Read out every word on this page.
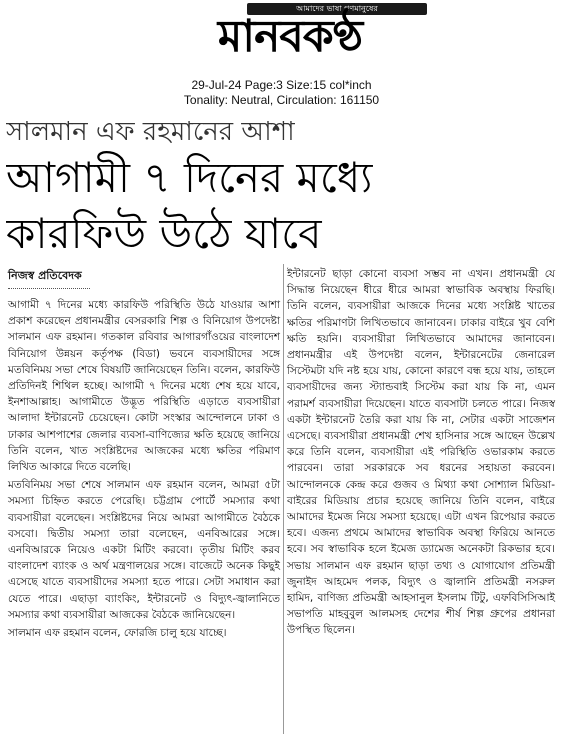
আমাদের ভাষা গণমানুষের
মানবকণ্ঠ
29-Jul-24 Page:3 Size:15 col*inch
Tonality: Neutral, Circulation: 161150
সালমান এফ রহমানের আশা
আগামী ৭ দিনের মধ্যে
কারফিউ উঠে যাবে
নিজস্ব প্রতিবেদক

আগামী ৭ দিনের মধ্যে কারফিউ পরিস্থিতি উঠে যাওয়ার আশা প্রকাশ করেছেন প্রধানমন্ত্রীর বেসরকারি শিল্প ও বিনিয়োগ উপদেষ্টা সালমান এফ রহমান। গতকাল রবিবার আগারগাঁওয়ের বাংলাদেশ বিনিয়োগ উন্নয়ন কর্তৃপক্ষ (বিডা) ভবনে ব্যবসায়ীদের সঙ্গে মতবিনিময় সভা শেষে বিষয়টি জানিয়েছেন তিনি। বলেন, কারফিউ প্রতিদিনই শিথিল হচ্ছে। আগামী ৭ দিনের মধ্যে শেষ হয়ে যাবে, ইনশাআল্লাহ। আগামীতে উদ্ভূত পরিস্থিতি এড়াতে ব্যবসায়ীরা আলাদা ইন্টারনেট চেয়েছেন। কোটা সংস্কার আন্দোলনে ঢাকা ও ঢাকার আশপাশের জেলার ব্যবসা-বাণিজ্যের ক্ষতি হয়েছে জানিয়ে তিনি বলেন, খাত সংশ্লিষ্টদের আজকের মধ্যে ক্ষতির পরিমাণ লিখিত আকারে দিতে বলেছি।

মতবিনিময় সভা শেষে সালমান এফ রহমান বলেন, আমরা ৫টা সমস্যা চিহ্নিত করতে পেরেছি। চট্টগ্রাম পোর্টে সমস্যার কথা ব্যবসায়ীরা বলেছেন। সংশ্লিষ্টদের নিয়ে আমরা আগামীতে বৈঠকে বসবো। দ্বিতীয় সমস্যা তারা বলেছেন, এনবিআরের সঙ্গে। এনবিআরকে নিয়েও একটা মিটিং করবো। তৃতীয় মিটিং করব বাংলাদেশ ব্যাংক ও অর্থ মন্ত্রণালয়ের সঙ্গে। বাজেটে অনেক কিছুই এসেছে যাতে ব্যবসায়ীদের সমস্যা হতে পারে। সেটা সমাধান করা যেতে পারে। এছাড়া ব্যাংকিং, ইন্টারনেট ও বিদ্যুৎ-জ্বালানিতে সমস্যার কথা ব্যবসায়ীরা আজকের বৈঠকে জানিয়েছেন।

সালমান এফ রহমান বলেন, ফোরজি চালু হয়ে যাচ্ছে।

ইন্টারনেট ছাড়া কোনো ব্যবসা সম্ভব না এখন। প্রধানমন্ত্রী যে সিদ্ধান্ত নিয়েছেন ধীরে ধীরে আমরা স্বাভাবিক অবস্থায় ফিরছি। তিনি বলেন, ব্যবসায়ীরা আজকে দিনের মধ্যে সংশ্লিষ্ট খাতের ক্ষতির পরিমাণটা লিখিতভাবে জানাবেন। ঢাকার বাইরে খুব বেশি ক্ষতি হয়নি। ব্যবসায়ীরা লিখিতভাবে আমাদের জানাবেন। প্রধানমন্ত্রীর এই উপদেষ্টা বলেন, ইন্টারনেটের জেনারেল সিস্টেমটা যদি নষ্ট হয়ে যায়, কোনো কারণে বন্ধ হয়ে যায়, তাহলে ব্যবসায়ীদের জন্য স্ট্যান্ডবাই সিস্টেম করা যায় কি না, এমন পরামর্শ ব্যবসায়ীরা দিয়েছেন। যাতে ব্যবসাটা চলতে পারে। নিজস্ব একটা ইন্টারনেট তৈরি করা যায় কি না, সেটার একটা সাজেশন এসেছে। ব্যবসায়ীরা প্রধানমন্ত্রী শেখ হাসিনার সঙ্গে আছেন উল্লেখ করে তিনি বলেন, ব্যবসায়ীরা এই পরিস্থিতি ওভারকাম করতে পারবেন। তারা সরকারকে সব ধরনের সহায়তা করবেন। আন্দোলনকে কেন্দ্র করে গুজব ও মিথ্যা কথা সোশ্যাল মিডিয়া-বাইরের মিডিয়ায় প্রচার হয়েছে জানিয়ে তিনি বলেন, বাইরে আমাদের ইমেজ নিয়ে সমস্যা হয়েছে। এটা এখন রিপেয়ার করতে হবে। এজন্য প্রথমে আমাদের স্বাভাবিক অবস্থা ফিরিয়ে আনতে হবে। সব স্বাভাবিক হলে ইমেজ ড্যামেজ অনেকটা রিকভার হবে। সভায় সালমান এফ রহমান ছাড়া তথ্য ও যোগাযোগ প্রতিমন্ত্রী জুনাইদ আহমেদ পলক, বিদ্যুৎ ও জ্বালানি প্রতিমন্ত্রী নসরুল হামিদ, বাণিজ্য প্রতিমন্ত্রী আহসানুল ইসলাম টিটু, এফবিসিসিআই সভাপতি মাহবুবুল আলমসহ দেশের শীর্ষ শিল্প গ্রুপের প্রধানরা উপস্থিত ছিলেন।
